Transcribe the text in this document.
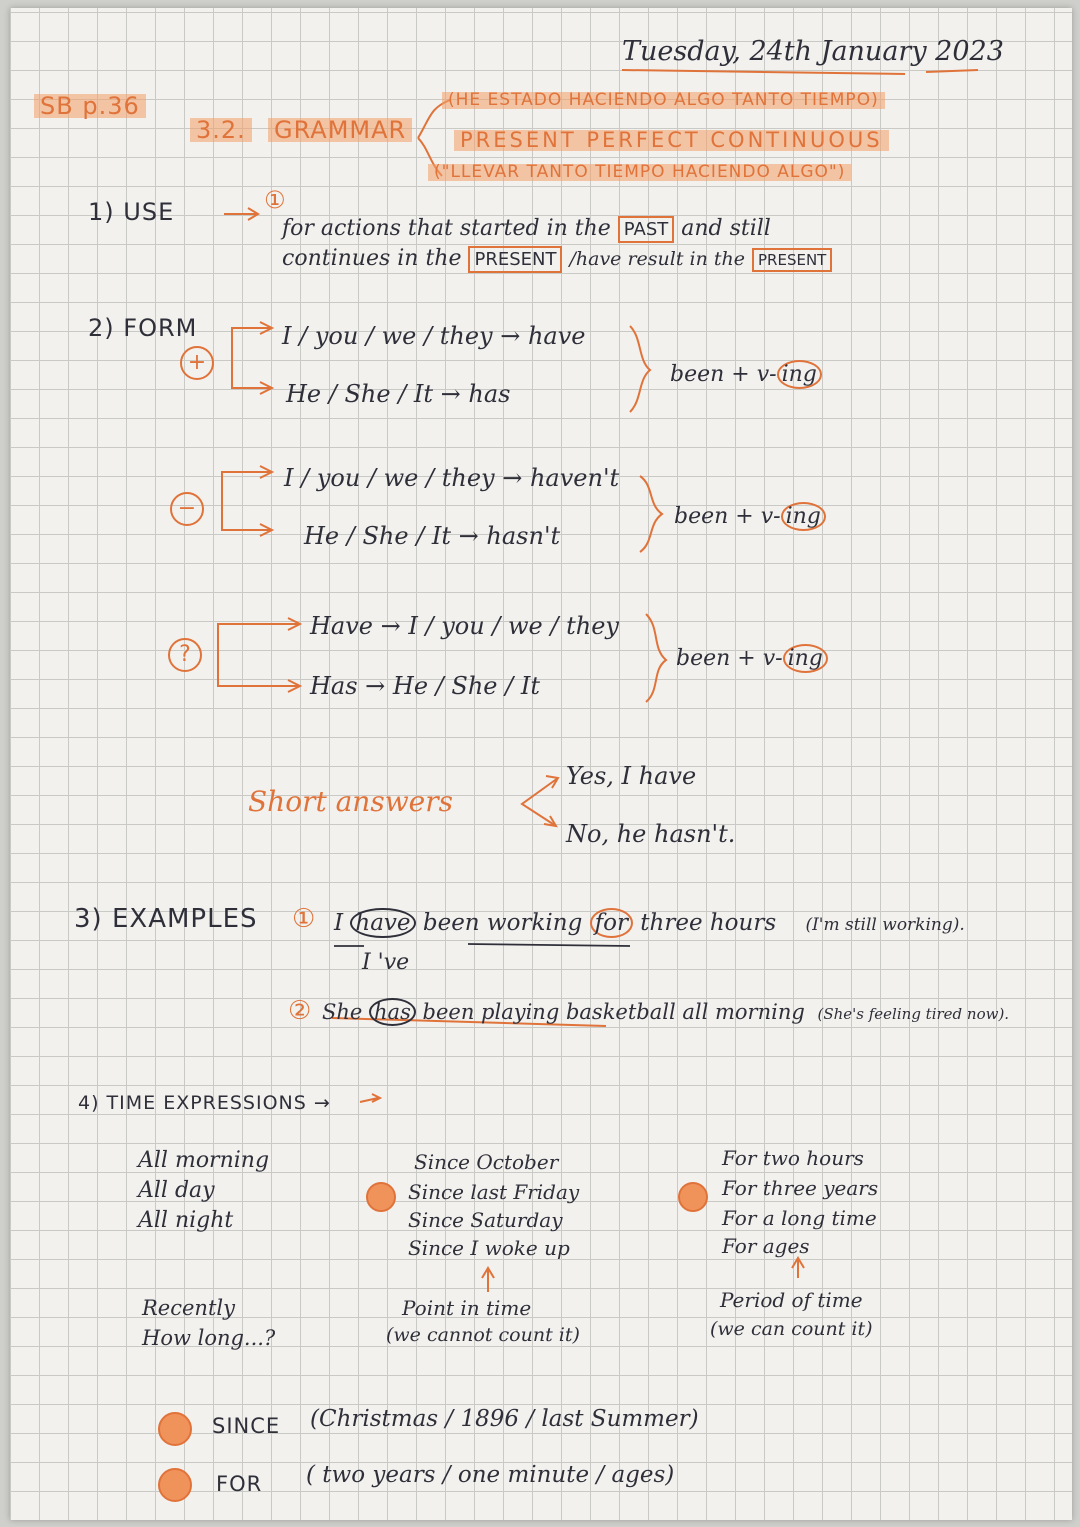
Tuesday, 24th January 2023
SB p.36
3.2. GRAMMAR
(HE ESTADO HACIENDO ALGO TANTO TIEMPO)
PRESENT PERFECT CONTINUOUS
("LLEVAR TANTO TIEMPO HACIENDO ALGO")
1) USE	①
for actions that started in the PAST and still
continues in the PRESENT /have result in the PRESENT
2) FORM
+
I / you / we / they → have
He / She / It → has
been + v- ing
−
I / you / we / they → haven't
He / She / It → hasn't
been + v- ing
?
Have → I / you / we / they
Has → He / She / It
been + v- ing
Short answers
Yes, I have
No, he hasn't.
3) EXAMPLES ① I have been working for three hours (I'm still working).
I 've
② She has been playing basketball all morning (She's feeling tired now).
4) TIME EXPRESSIONS →
All morning
All day
All night
Recently
How long...?
Since October
Since last Friday
Since Saturday
Since I woke up
Point in time
(we cannot count it)
For two hours
For three years
For a long time
For ages
Period of time
(we can count it)
SINCE (Christmas / 1896 / last Summer)
FOR ( two years / one minute / ages)
